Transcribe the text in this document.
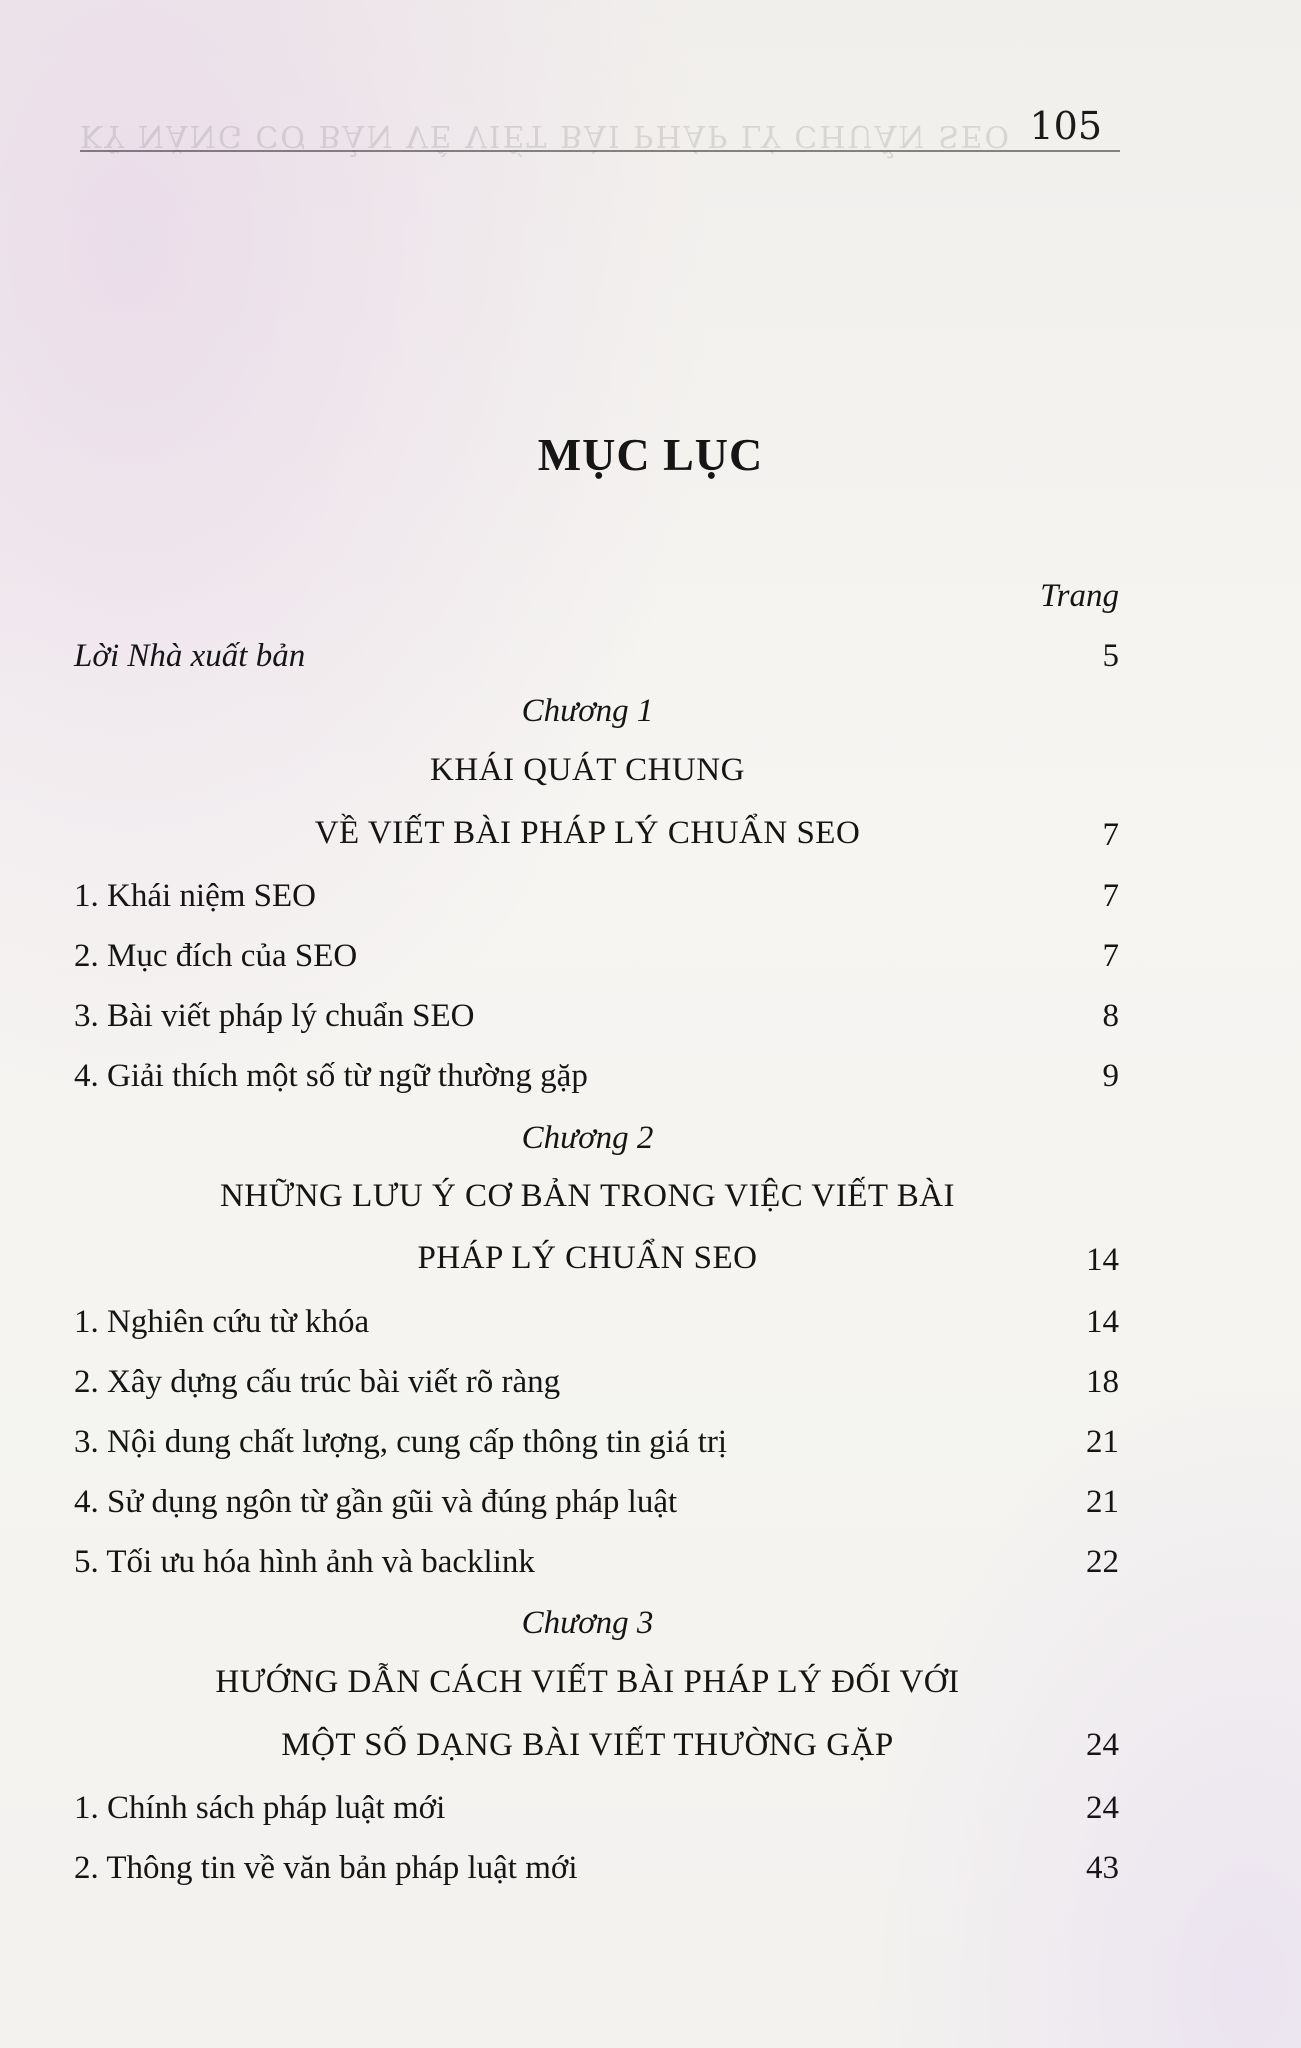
105
KỸ NĂNG CƠ BẢN VỀ VIẾT BÀI PHÁP LÝ CHUẨN SEO
MỤC LỤC
Trang
Lời Nhà xuất bản	5
Chương 1
KHÁI QUÁT CHUNG
VỀ VIẾT BÀI PHÁP LÝ CHUẨN SEO	7
1. Khái niệm SEO	7
2. Mục đích của SEO	7
3. Bài viết pháp lý chuẩn SEO	8
4. Giải thích một số từ ngữ thường gặp	9
Chương 2
NHỮNG LƯU Ý CƠ BẢN TRONG VIỆC VIẾT BÀI
PHÁP LÝ CHUẨN SEO	14
1. Nghiên cứu từ khóa	14
2. Xây dựng cấu trúc bài viết rõ ràng	18
3. Nội dung chất lượng, cung cấp thông tin giá trị	21
4. Sử dụng ngôn từ gần gũi và đúng pháp luật	21
5. Tối ưu hóa hình ảnh và backlink	22
Chương 3
HƯỚNG DẪN CÁCH VIẾT BÀI PHÁP LÝ ĐỐI VỚI
MỘT SỐ DẠNG BÀI VIẾT THƯỜNG GẶP	24
1. Chính sách pháp luật mới	24
2. Thông tin về văn bản pháp luật mới	43
